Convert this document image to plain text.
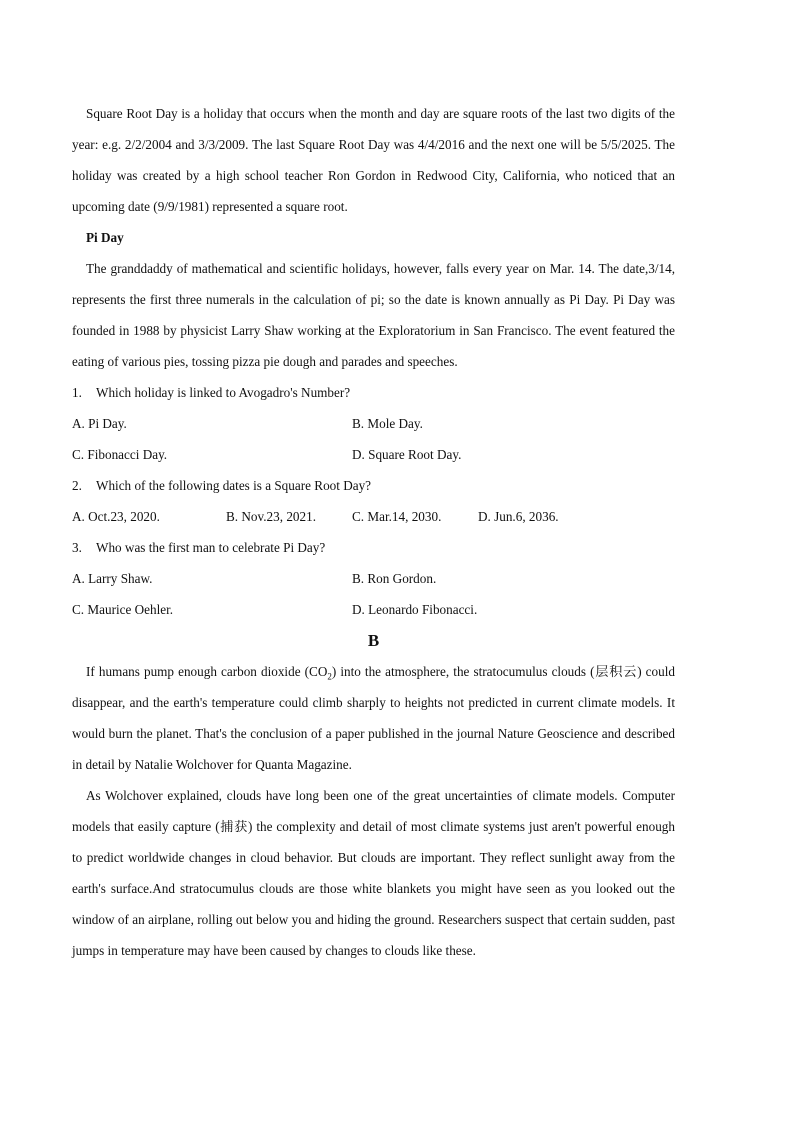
Square Root Day is a holiday that occurs when the month and day are square roots of the last two digits of the year: e.g. 2/2/2004 and 3/3/2009. The last Square Root Day was 4/4/2016 and the next one will be 5/5/2025. The holiday was created by a high school teacher Ron Gordon in Redwood City, California, who noticed that an upcoming date (9/9/1981) represented a square root.

Pi Day

The granddaddy of mathematical and scientific holidays, however, falls every year on Mar. 14. The date,3/14, represents the first three numerals in the calculation of pi; so the date is known annually as Pi Day. Pi Day was founded in 1988 by physicist Larry Shaw working at the Exploratorium in San Francisco. The event featured the eating of various pies, tossing pizza pie dough and parades and speeches.

1.	Which holiday is linked to Avogadro's Number?
A. Pi Day.	B. Mole Day.
C. Fibonacci Day.	D. Square Root Day.
2.	Which of the following dates is a Square Root Day?
A. Oct.23, 2020.	B. Nov.23, 2021.	C. Mar.14, 2030.	D. Jun.6, 2036.
3.	Who was the first man to celebrate Pi Day?
A. Larry Shaw.	B. Ron Gordon.
C. Maurice Oehler.	D. Leonardo Fibonacci.

B

If humans pump enough carbon dioxide $(CO_2)$ into the atmosphere, the stratocumulus clouds (层积云) could disappear, and the earth's temperature could climb sharply to heights not predicted in current climate models. It would burn the planet. That's the conclusion of a paper published in the journal Nature Geoscience and described in detail by Natalie Wolchover for Quanta Magazine.

As Wolchover explained, clouds have long been one of the great uncertainties of climate models. Computer models that easily capture (捕获) the complexity and detail of most climate systems just aren't powerful enough to predict worldwide changes in cloud behavior. But clouds are important. They reflect sunlight away from the earth's surface.And stratocumulus clouds are those white blankets you might have seen as you looked out the window of an airplane, rolling out below you and hiding the ground. Researchers suspect that certain sudden, past jumps in temperature may have been caused by changes to clouds like these.
